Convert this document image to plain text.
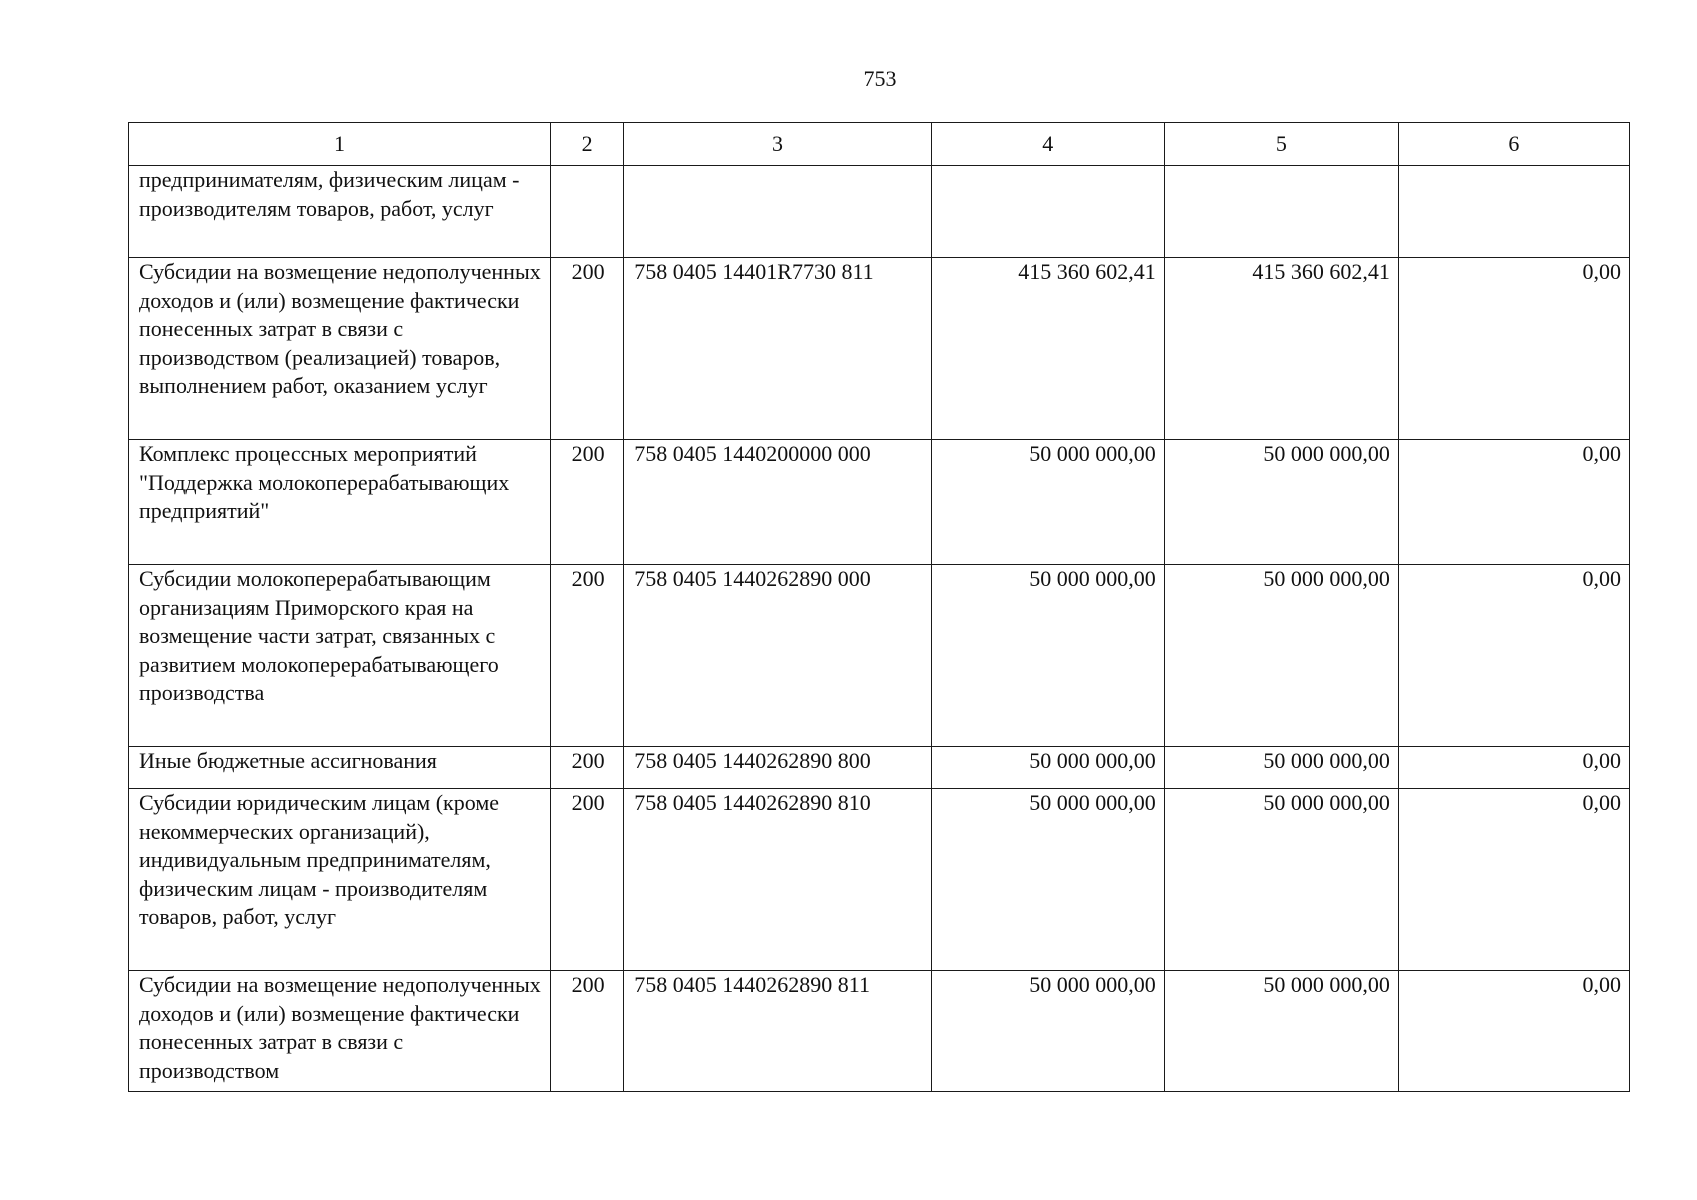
753
1	2	3	4	5	6
предпринимателям, физическим лицам - производителям товаров, работ, услуг					
Субсидии на возмещение недополученных доходов и (или) возмещение фактически понесенных затрат в связи с производством (реализацией) товаров, выполнением работ, оказанием услуг	200	758 0405 14401R7730 811	415 360 602,41	415 360 602,41	0,00
Комплекс процессных мероприятий "Поддержка молокоперерабатывающих предприятий"	200	758 0405 1440200000 000	50 000 000,00	50 000 000,00	0,00
Субсидии молокоперерабатывающим организациям Приморского края на возмещение части затрат, связанных с развитием молокоперерабатывающего производства	200	758 0405 1440262890 000	50 000 000,00	50 000 000,00	0,00
Иные бюджетные ассигнования	200	758 0405 1440262890 800	50 000 000,00	50 000 000,00	0,00
Субсидии юридическим лицам (кроме некоммерческих организаций), индивидуальным предпринимателям, физическим лицам - производителям товаров, работ, услуг	200	758 0405 1440262890 810	50 000 000,00	50 000 000,00	0,00
Субсидии на возмещение недополученных доходов и (или) возмещение фактически понесенных затрат в связи с производством	200	758 0405 1440262890 811	50 000 000,00	50 000 000,00	0,00
